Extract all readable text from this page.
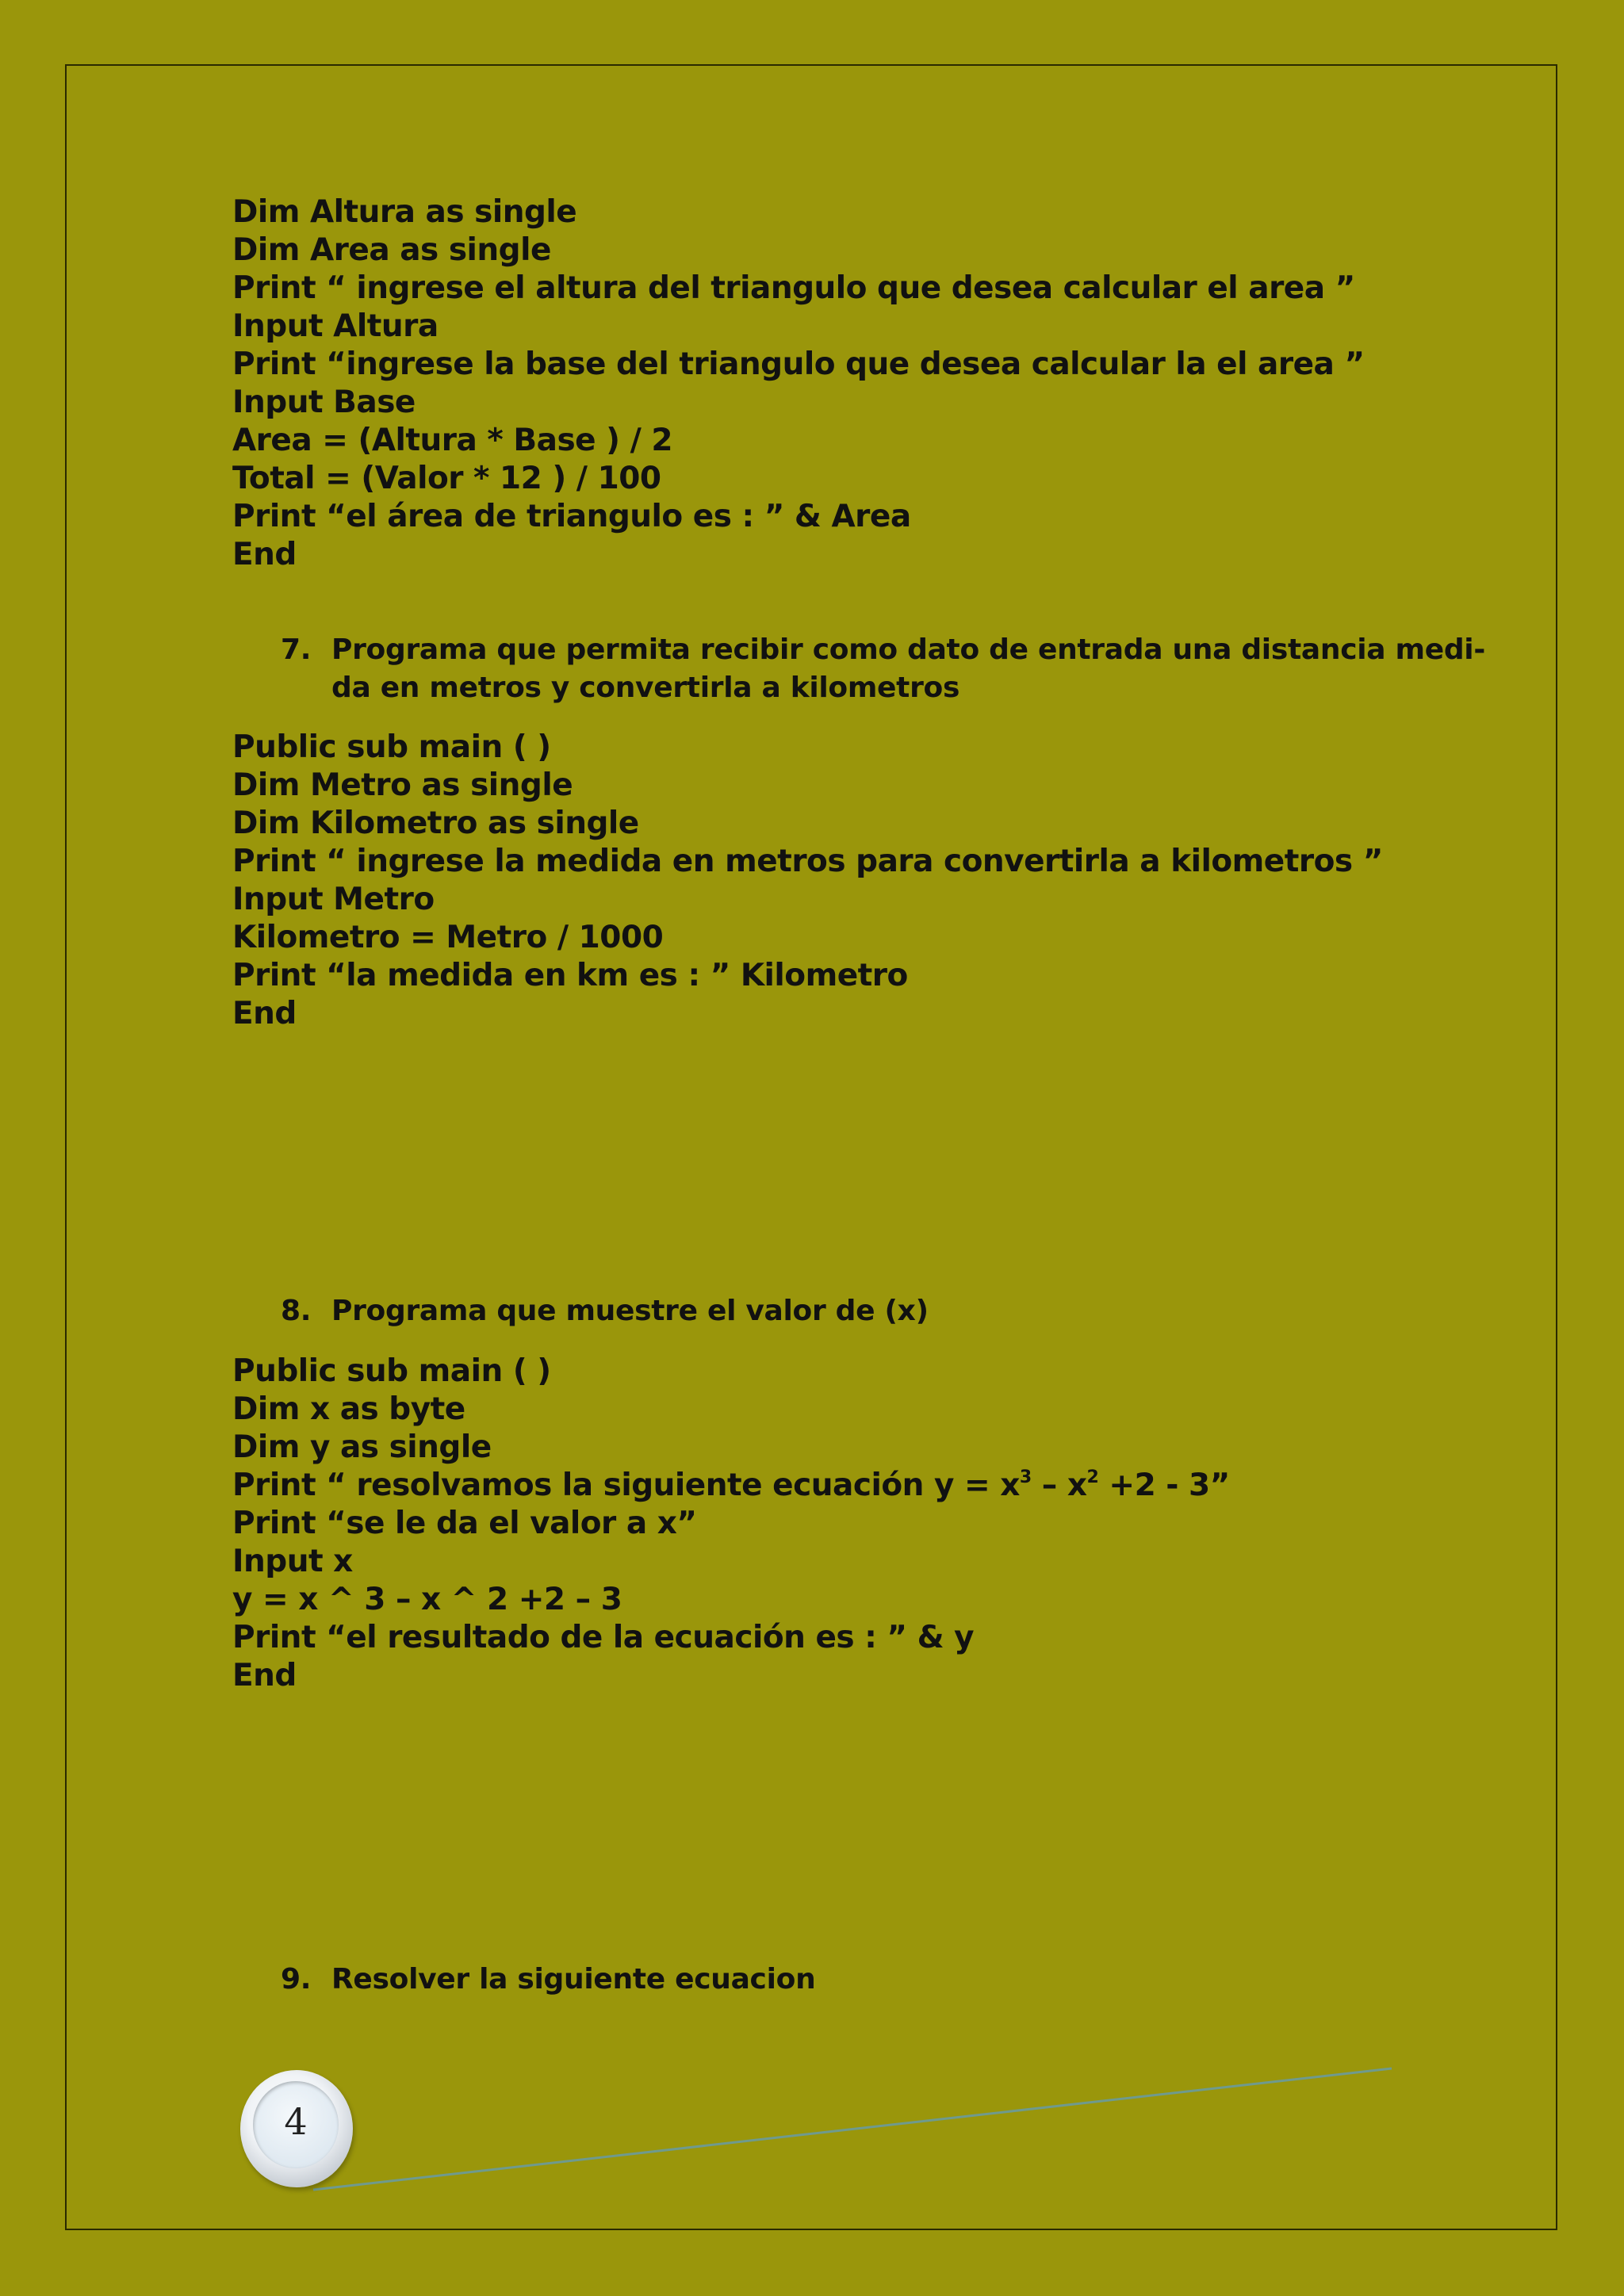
Dim Altura as single
Dim Area as single
Print “ ingrese el altura del triangulo que desea calcular el area ”
Input Altura
Print “ingrese la base del triangulo que desea calcular la el area ”
Input Base
Area = (Altura * Base ) / 2
Total = (Valor * 12 ) / 100
Print “el área de triangulo es : ” & Area
End
7. Programa que permita recibir como dato de entrada una distancia medi-
da en metros y convertirla a kilometros
Public sub main ( )
Dim Metro as single
Dim Kilometro as single
Print “ ingrese la medida en metros para convertirla a kilometros ”
Input Metro
Kilometro = Metro / 1000
Print “la medida en km es : ” Kilometro
End
8. Programa que muestre el valor de (x)
Public sub main ( )
Dim x as byte
Dim y as single
Print “ resolvamos la siguiente ecuación $y = x^3 - x^2 +2 - 3$”
Print “se le da el valor a x”
Input x
y = x ^ 3 – x ^ 2 +2 – 3
Print “el resultado de la ecuación es : ” & y
End
9. Resolver la siguiente ecuacion
4
